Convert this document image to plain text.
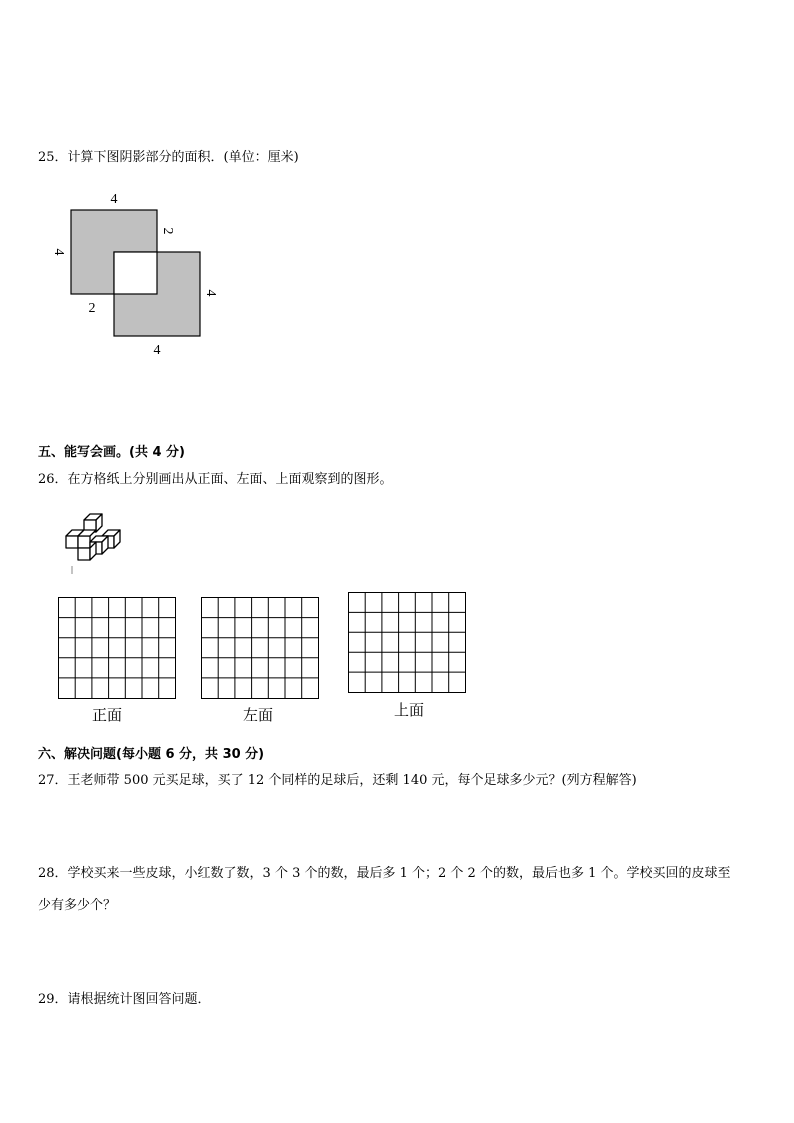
25．计算下图阴影部分的面积．(单位：厘米)
4
4
2
2
4
4
五、能写会画。(共 4 分)
26．在方格纸上分别画出从正面、左面、上面观察到的图形。
正面	左面	上面
六、解决问题(每小题 6 分，共 30 分)
27．王老师带 500 元买足球，买了 12 个同样的足球后，还剩 140 元，每个足球多少元？(列方程解答)
28．学校买来一些皮球，小红数了数，3 个 3 个的数，最后多 1 个；2 个 2 个的数，最后也多 1 个。学校买回的皮球至
少有多少个？
29．请根据统计图回答问题．
